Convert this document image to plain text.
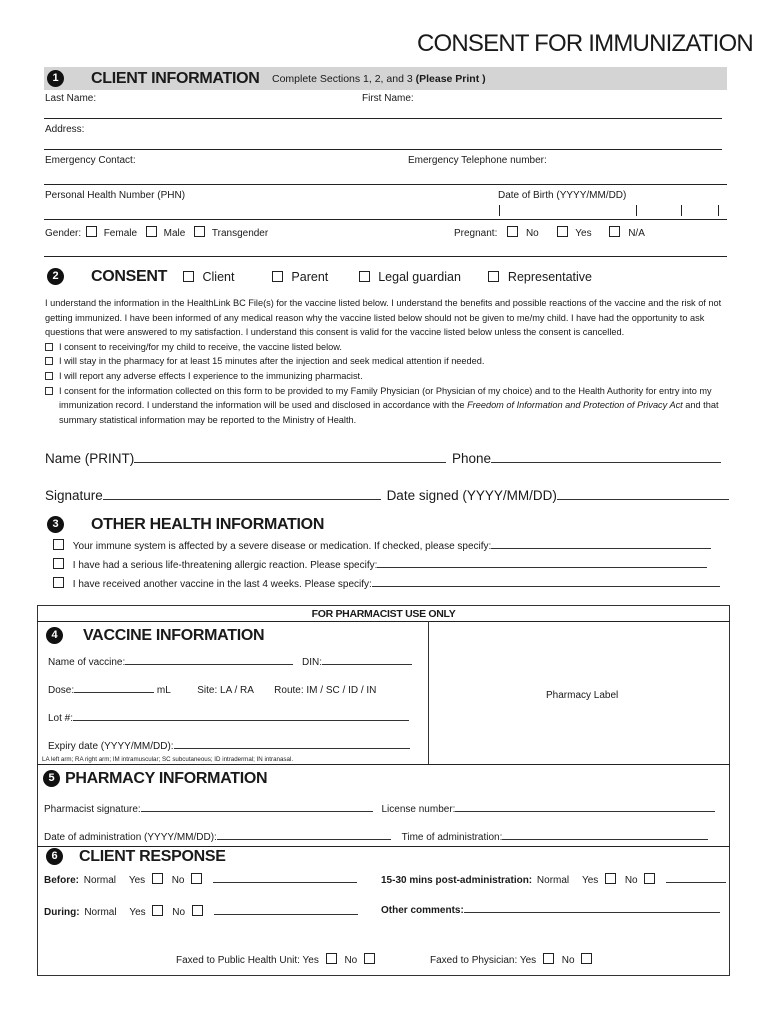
CONSENT FOR IMMUNIZATION
1	CLIENT INFORMATION Complete Sections 1, 2, and 3 (Please Print )
Last Name:	First Name:
Address:
Emergency Contact:	Emergency Telephone number:
Personal Health Number (PHN)	Date of Birth (YYYY/MM/DD)
Gender: Female	Male	Transgender	Pregnant:	No	Yes	N/A
2	CONSENT	Client	Parent	Legal guardian	Representative

I understand the information in the HealthLink BC File(s) for the vaccine listed below. I understand the benefits and possible reactions of the vaccine and the risk of not getting immunized. I have been informed of any medical reason why the vaccine listed below should not be given to me/my child. I have had the opportunity to ask questions that were answered to my satisfaction. I understand this consent is valid for the vaccine listed below unless the consent is cancelled.

I consent to receiving/for my child to receive, the vaccine listed below.

I will stay in the pharmacy for at least 15 minutes after the injection and seek medical attention if needed.

I will report any adverse effects I experience to the immunizing pharmacist.

I consent for the information collected on this form to be provided to my Family Physician (or Physician of my choice) and to the Health Authority for entry into my immunization record. I understand the information will be used and disclosed in accordance with the Freedom of Information and Protection of Privacy Act and that summary statistical information may be reported to the Ministry of Health.

Name (PRINT)	Phone
Signature	Date signed (YYYY/MM/DD)
3	OTHER HEALTH INFORMATION
Your immune system is affected by a severe disease or medication. If checked, please specify:
I have had a serious life-threatening allergic reaction. Please specify:
I have received another vaccine in the last 4 weeks. Please specify:
FOR PHARMACIST USE ONLY
4	VACCINE INFORMATION
Pharmacy Label
Name of vaccine:	DIN:
Dose:	mL	Site: LA / RA Route: IM / SC / ID / IN
Lot #:
Expiry date (YYYY/MM/DD):
LA left arm; RA right arm; IM intramuscular; SC subcutaneous; ID intradermal; IN intranasal.
5 PHARMACY INFORMATION
Pharmacist signature:	License number:
Date of administration (YYYY/MM/DD):	Time of administration:
6	CLIENT RESPONSE
Before: Normal Yes	No	15-30 mins post-administration: Normal Yes	No
During: Normal Yes	No	Other comments:
Faxed to Public Health Unit: Yes	No	Faxed to Physician: Yes	No
